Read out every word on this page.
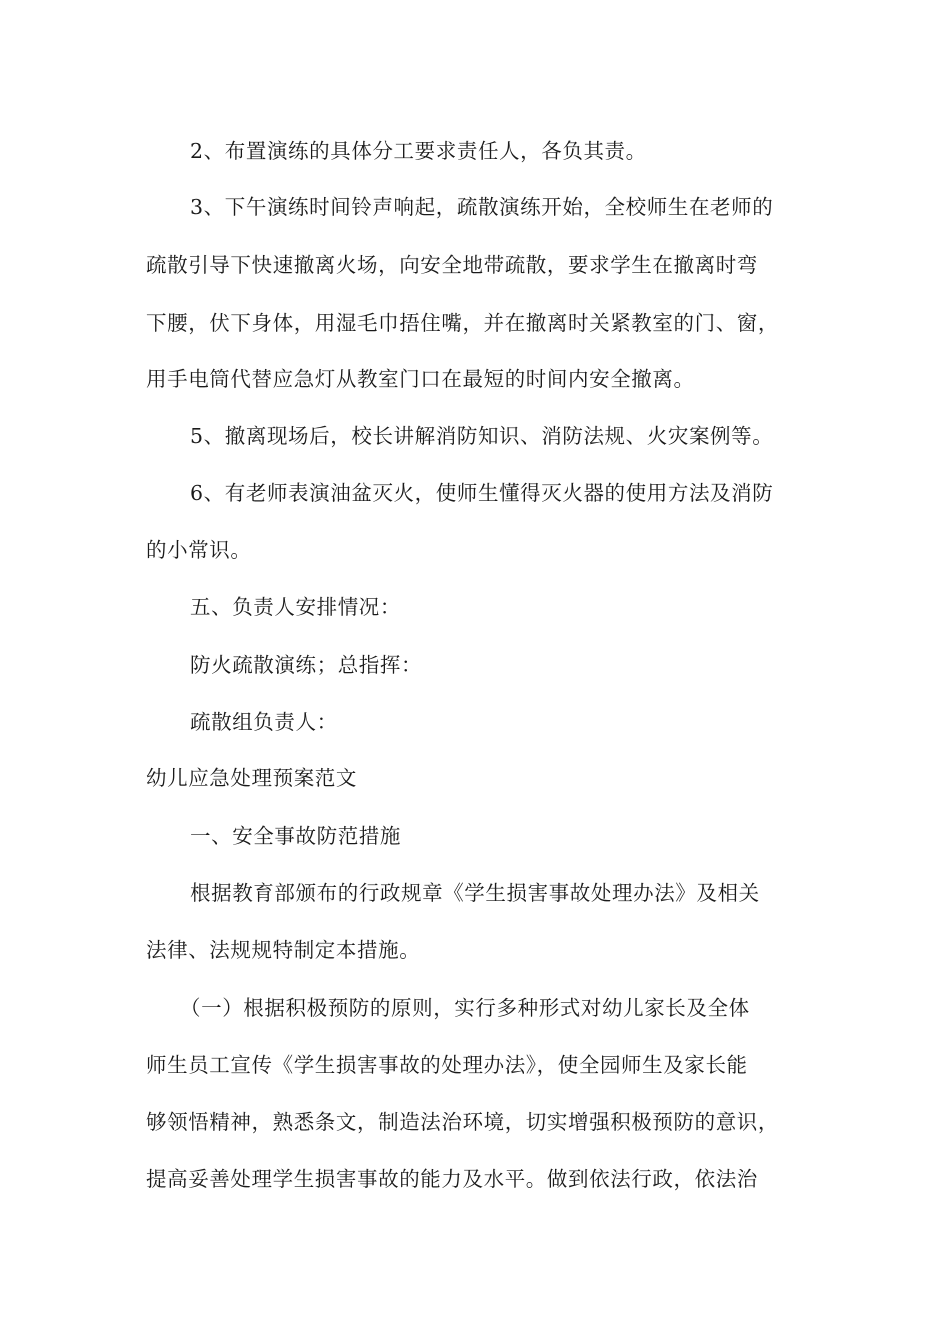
2、布置演练的具体分工要求责任人，各负其责。
3、下午演练时间铃声响起，疏散演练开始，全校师生在老师的
疏散引导下快速撤离火场，向安全地带疏散，要求学生在撤离时弯
下腰，伏下身体，用湿毛巾捂住嘴，并在撤离时关紧教室的门、窗，
用手电筒代替应急灯从教室门口在最短的时间内安全撤离。
5、撤离现场后，校长讲解消防知识、消防法规、火灾案例等。
6、有老师表演油盆灭火，使师生懂得灭火器的使用方法及消防
的小常识。
五、负责人安排情况：
防火疏散演练；总指挥：
疏散组负责人：
幼儿应急处理预案范文
一、安全事故防范措施
根据教育部颁布的行政规章《学生损害事故处理办法》及相关
法律、法规规特制定本措施。
（一）根据积极预防的原则，实行多种形式对幼儿家长及全体
师生员工宣传《学生损害事故的处理办法》，使全园师生及家长能
够领悟精神，熟悉条文，制造法治环境，切实增强积极预防的意识，
提高妥善处理学生损害事故的能力及水平。做到依法行政，依法治
